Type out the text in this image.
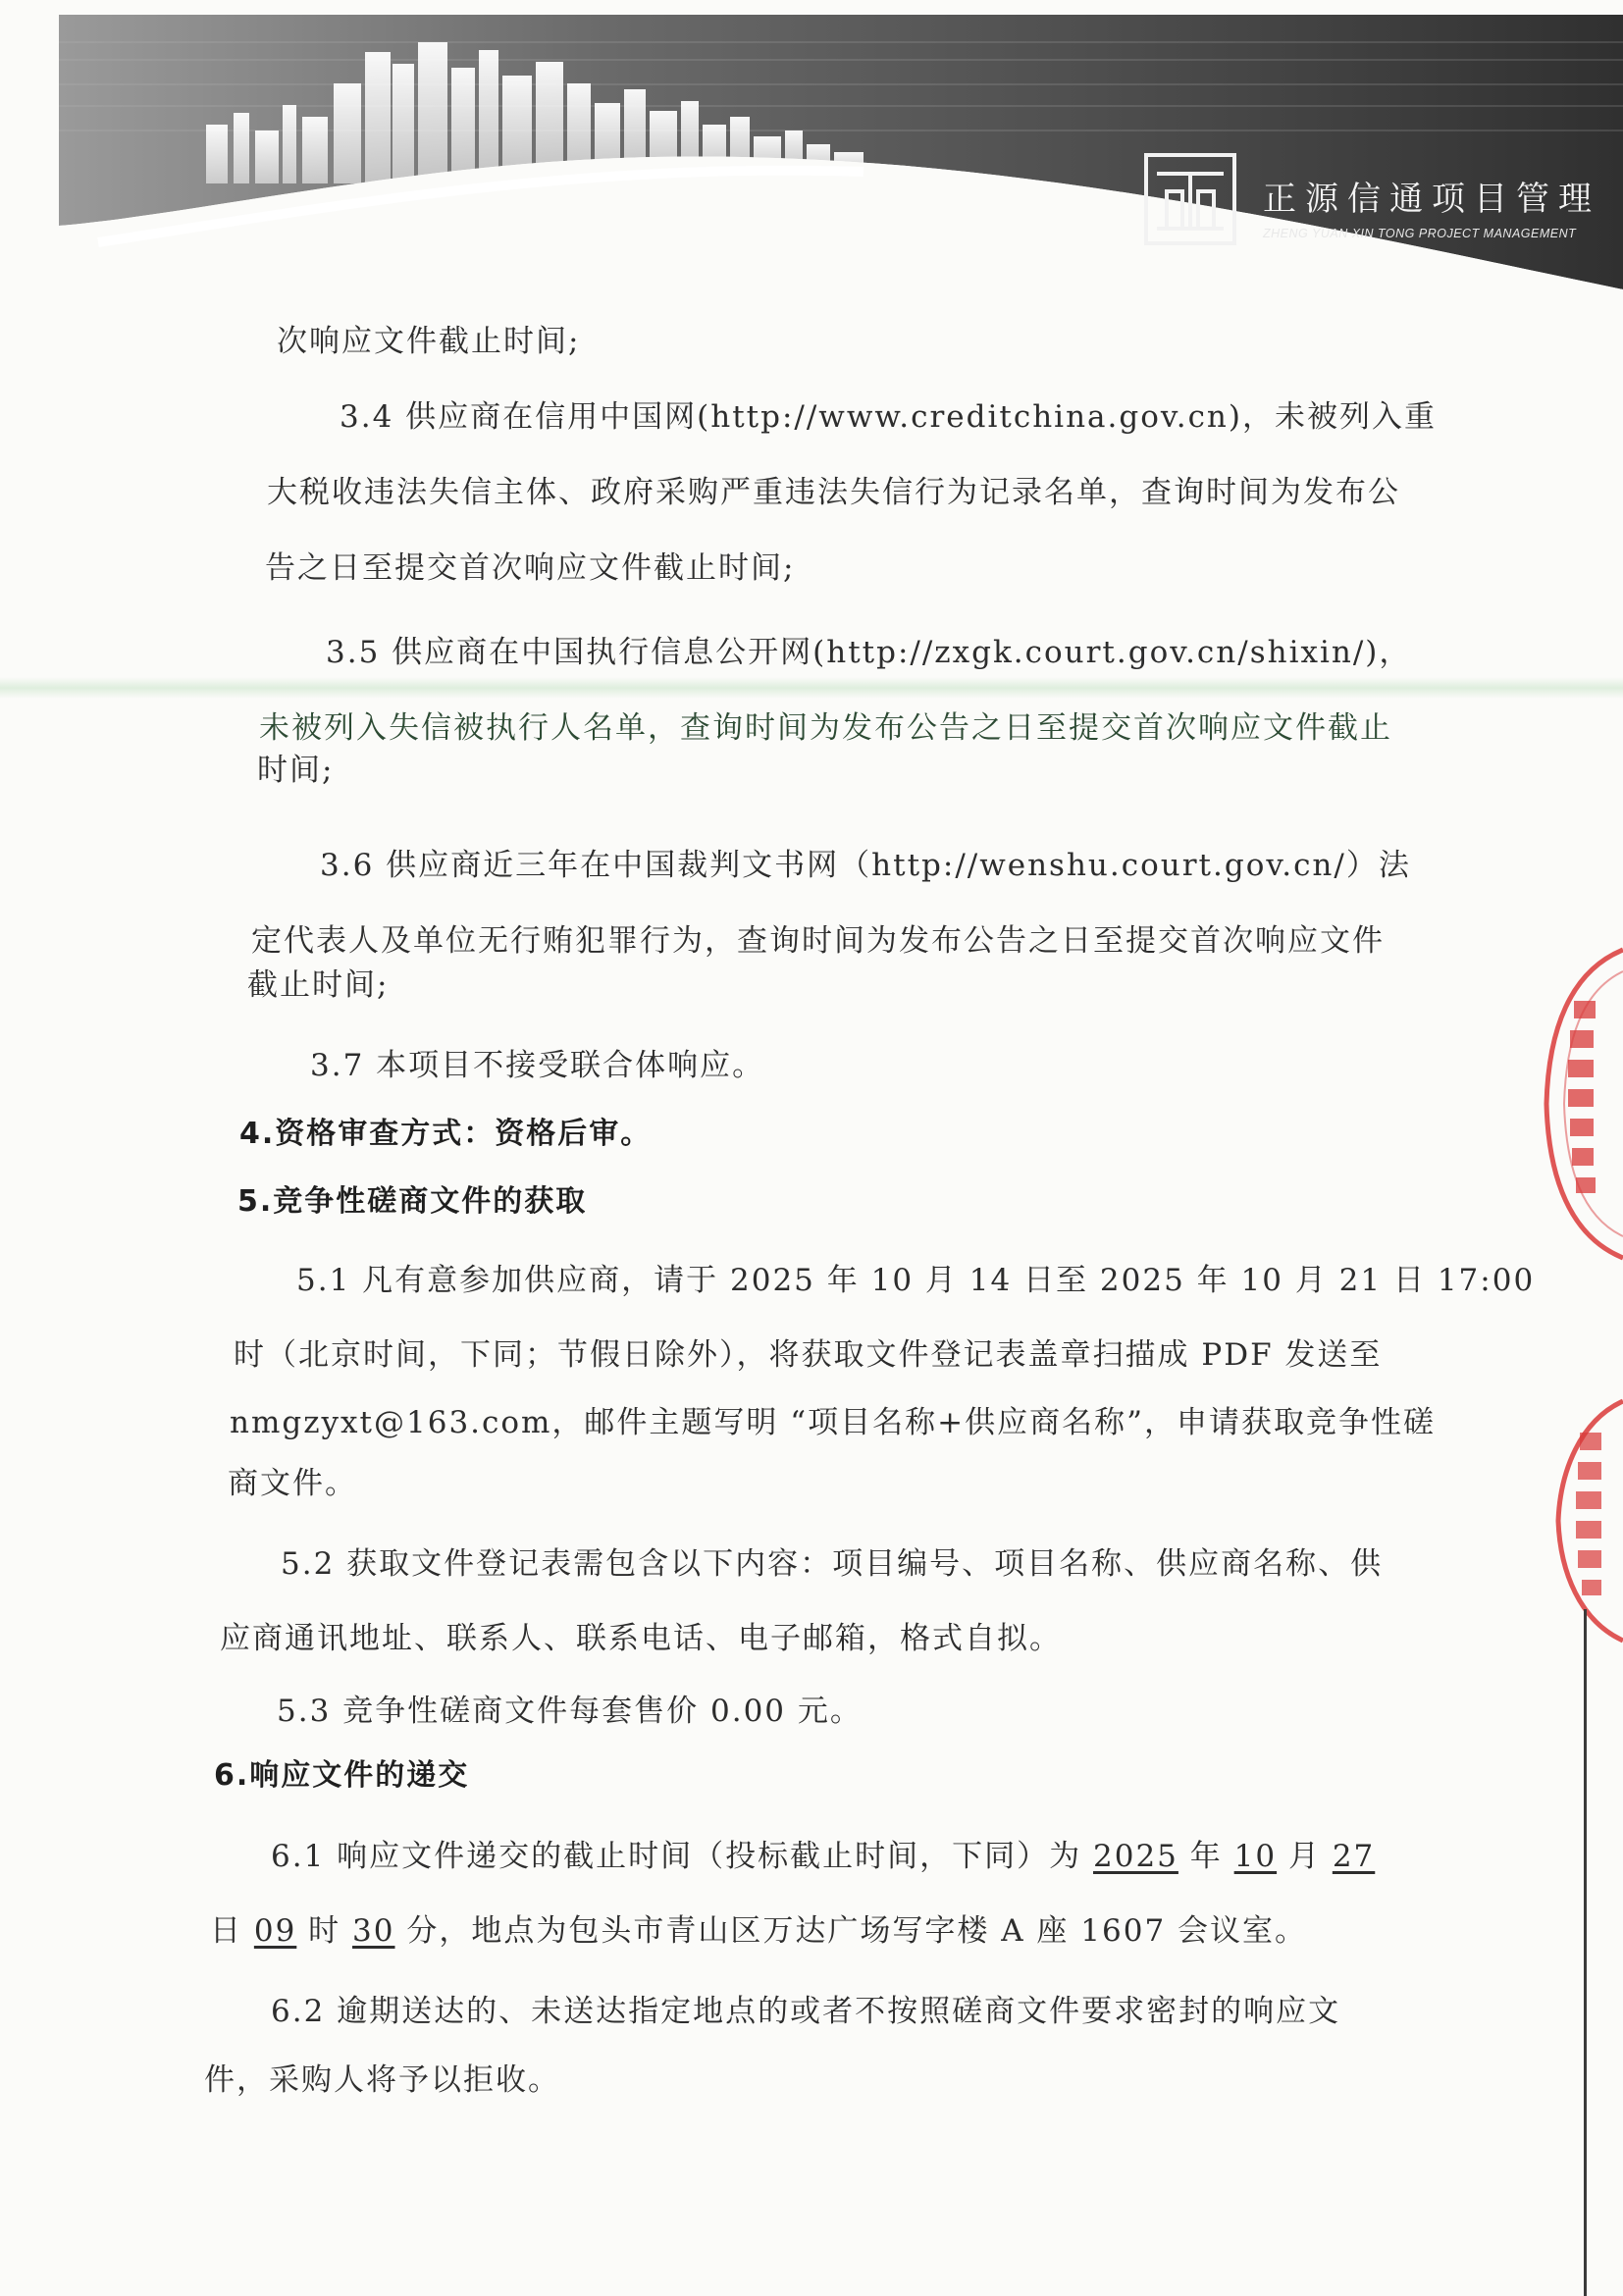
正源信通项目管理
ZHENG YUAN XIN TONG PROJECT MANAGEMENT
次响应文件截止时间;
3.4 供应商在信用中国网(http://www.creditchina.gov.cn)，未被列入重
大税收违法失信主体、政府采购严重违法失信行为记录名单，查询时间为发布公
告之日至提交首次响应文件截止时间;
3.5 供应商在中国执行信息公开网(http://zxgk.court.gov.cn/shixin/)，
未被列入失信被执行人名单，查询时间为发布公告之日至提交首次响应文件截止
时间;
3.6 供应商近三年在中国裁判文书网（http://wenshu.court.gov.cn/）法
定代表人及单位无行贿犯罪行为，查询时间为发布公告之日至提交首次响应文件
截止时间;
3.7 本项目不接受联合体响应。
4.资格审查方式：资格后审。
5.竞争性磋商文件的获取
5.1 凡有意参加供应商，请于 2025 年 10 月 14 日至 2025 年 10 月 21 日 17:00
时（北京时间，下同；节假日除外），将获取文件登记表盖章扫描成 PDF 发送至
nmgzyxt@163.com，邮件主题写明 “项目名称+供应商名称”，申请获取竞争性磋
商文件。
5.2 获取文件登记表需包含以下内容：项目编号、项目名称、供应商名称、供
应商通讯地址、联系人、联系电话、电子邮箱，格式自拟。
5.3 竞争性磋商文件每套售价 0.00 元。
6.响应文件的递交
6.1 响应文件递交的截止时间（投标截止时间，下同）为 2025 年 10 月 27
日 09 时 30 分，地点为包头市青山区万达广场写字楼 A 座 1607 会议室。
6.2 逾期送达的、未送达指定地点的或者不按照磋商文件要求密封的响应文
件，采购人将予以拒收。
